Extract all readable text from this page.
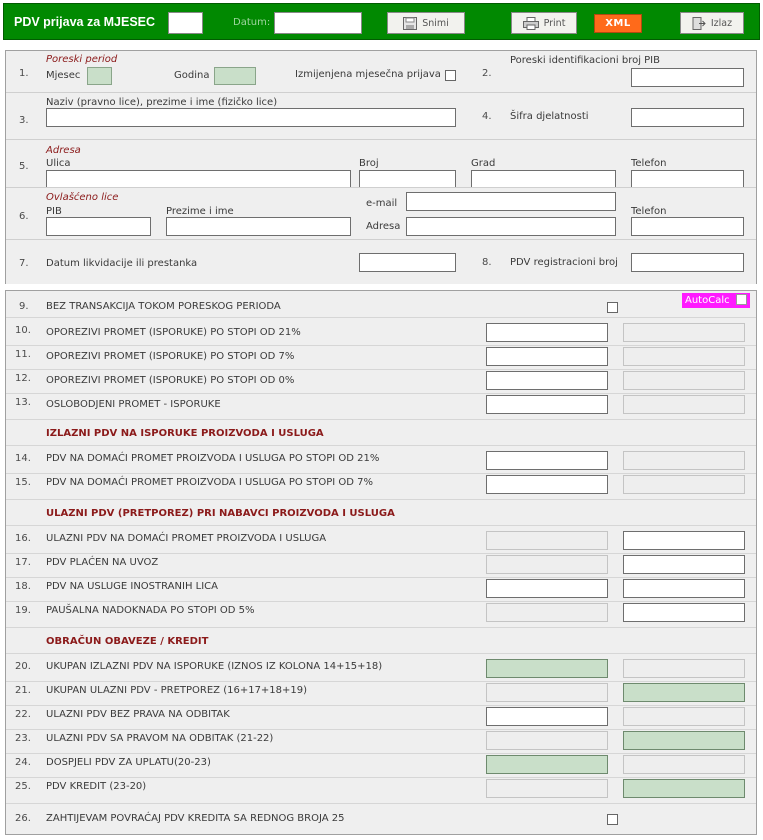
PDV prijava za MJESEC	Datum:	Snimi	Print	XML	Izlaz
1.
Poreski period
Mjesec	Godina	Izmijenjena mjesečna prijava	2.
Poreski identifikacioni broj PIB
3.
Naziv (pravno lice), prezime i ime (fizičko lice)
4. Šifra djelatnosti
5.
Adresa
Ulica	Broj	Grad	Telefon
6.
Ovlašćeno lice
PIB	Prezime i ime
e-mail
Adresa
Telefon
7. Datum likvidacije ili prestanka	8. PDV registracioni broj
AutoCalc
9. BEZ TRANSAKCIJA TOKOM PORESKOG PERIODA
10. OPOREZIVI PROMET (ISPORUKE) PO STOPI OD 21%
11. OPOREZIVI PROMET (ISPORUKE) PO STOPI OD 7%
12. OPOREZIVI PROMET (ISPORUKE) PO STOPI OD 0%
13. OSLOBODJENI PROMET - ISPORUKE
IZLAZNI PDV NA ISPORUKE PROIZVODA I USLUGA
14. PDV NA DOMAĆI PROMET PROIZVODA I USLUGA PO STOPI OD 21%
15. PDV NA DOMAĆI PROMET PROIZVODA I USLUGA PO STOPI OD 7%
ULAZNI PDV (PRETPOREZ) PRI NABAVCI PROIZVODA I USLUGA
16. ULAZNI PDV NA DOMAĆI PROMET PROIZVODA I USLUGA
17. PDV PLAĆEN NA UVOZ
18. PDV NA USLUGE INOSTRANIH LICA
19. PAUŠALNA NADOKNADA PO STOPI OD 5%
OBRAČUN OBAVEZE / KREDIT
20. UKUPAN IZLAZNI PDV NA ISPORUKE (IZNOS IZ KOLONA 14+15+18)
21. UKUPAN ULAZNI PDV - PRETPOREZ (16+17+18+19)
22. ULAZNI PDV BEZ PRAVA NA ODBITAK
23. ULAZNI PDV SA PRAVOM NA ODBITAK (21-22)
24. DOSPJELI PDV ZA UPLATU(20-23)
25. PDV KREDIT (23-20)
26. ZAHTIJEVAM POVRAĆAJ PDV KREDITA SA REDNOG BROJA 25
